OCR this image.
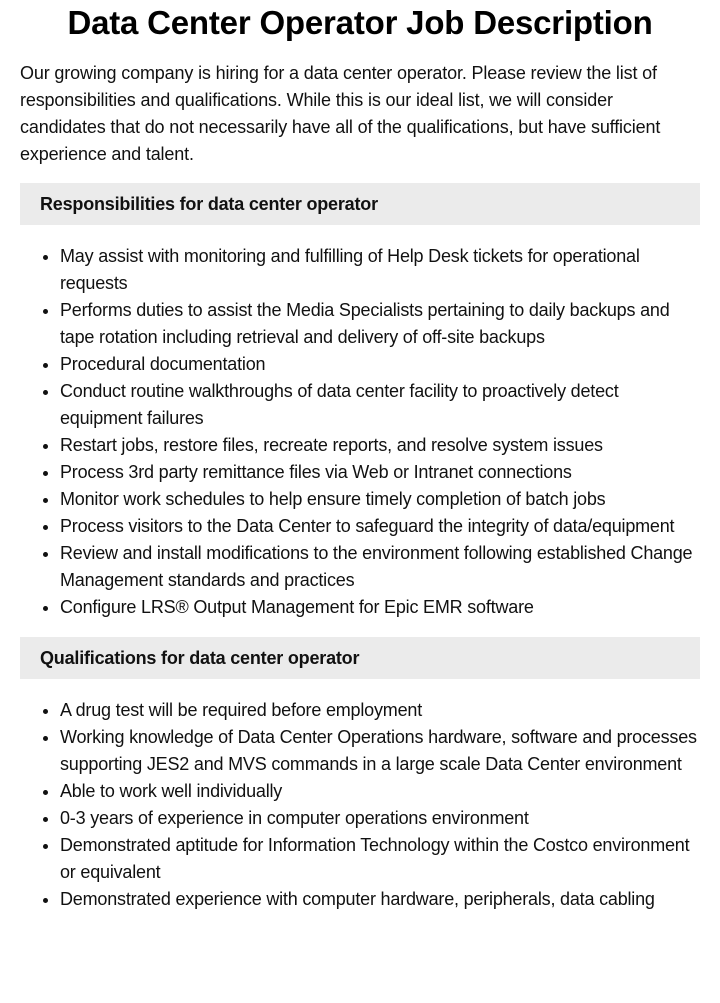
Data Center Operator Job Description

Our growing company is hiring for a data center operator. Please review the list of responsibilities and qualifications. While this is our ideal list, we will consider candidates that do not necessarily have all of the qualifications, but have sufficient experience and talent.

Responsibilities for data center operator
• May assist with monitoring and fulfilling of Help Desk tickets for operational requests
• Performs duties to assist the Media Specialists pertaining to daily backups and tape rotation including retrieval and delivery of off-site backups
• Procedural documentation
• Conduct routine walkthroughs of data center facility to proactively detect equipment failures
• Restart jobs, restore files, recreate reports, and resolve system issues
• Process 3rd party remittance files via Web or Intranet connections
• Monitor work schedules to help ensure timely completion of batch jobs
• Process visitors to the Data Center to safeguard the integrity of data/equipment
• Review and install modifications to the environment following established Change Management standards and practices
• Configure LRS® Output Management for Epic EMR software
Qualifications for data center operator
• A drug test will be required before employment
• Working knowledge of Data Center Operations hardware, software and processes supporting JES2 and MVS commands in a large scale Data Center environment
• Able to work well individually
• 0-3 years of experience in computer operations environment
• Demonstrated aptitude for Information Technology within the Costco environment or equivalent
• Demonstrated experience with computer hardware, peripherals, data cabling
